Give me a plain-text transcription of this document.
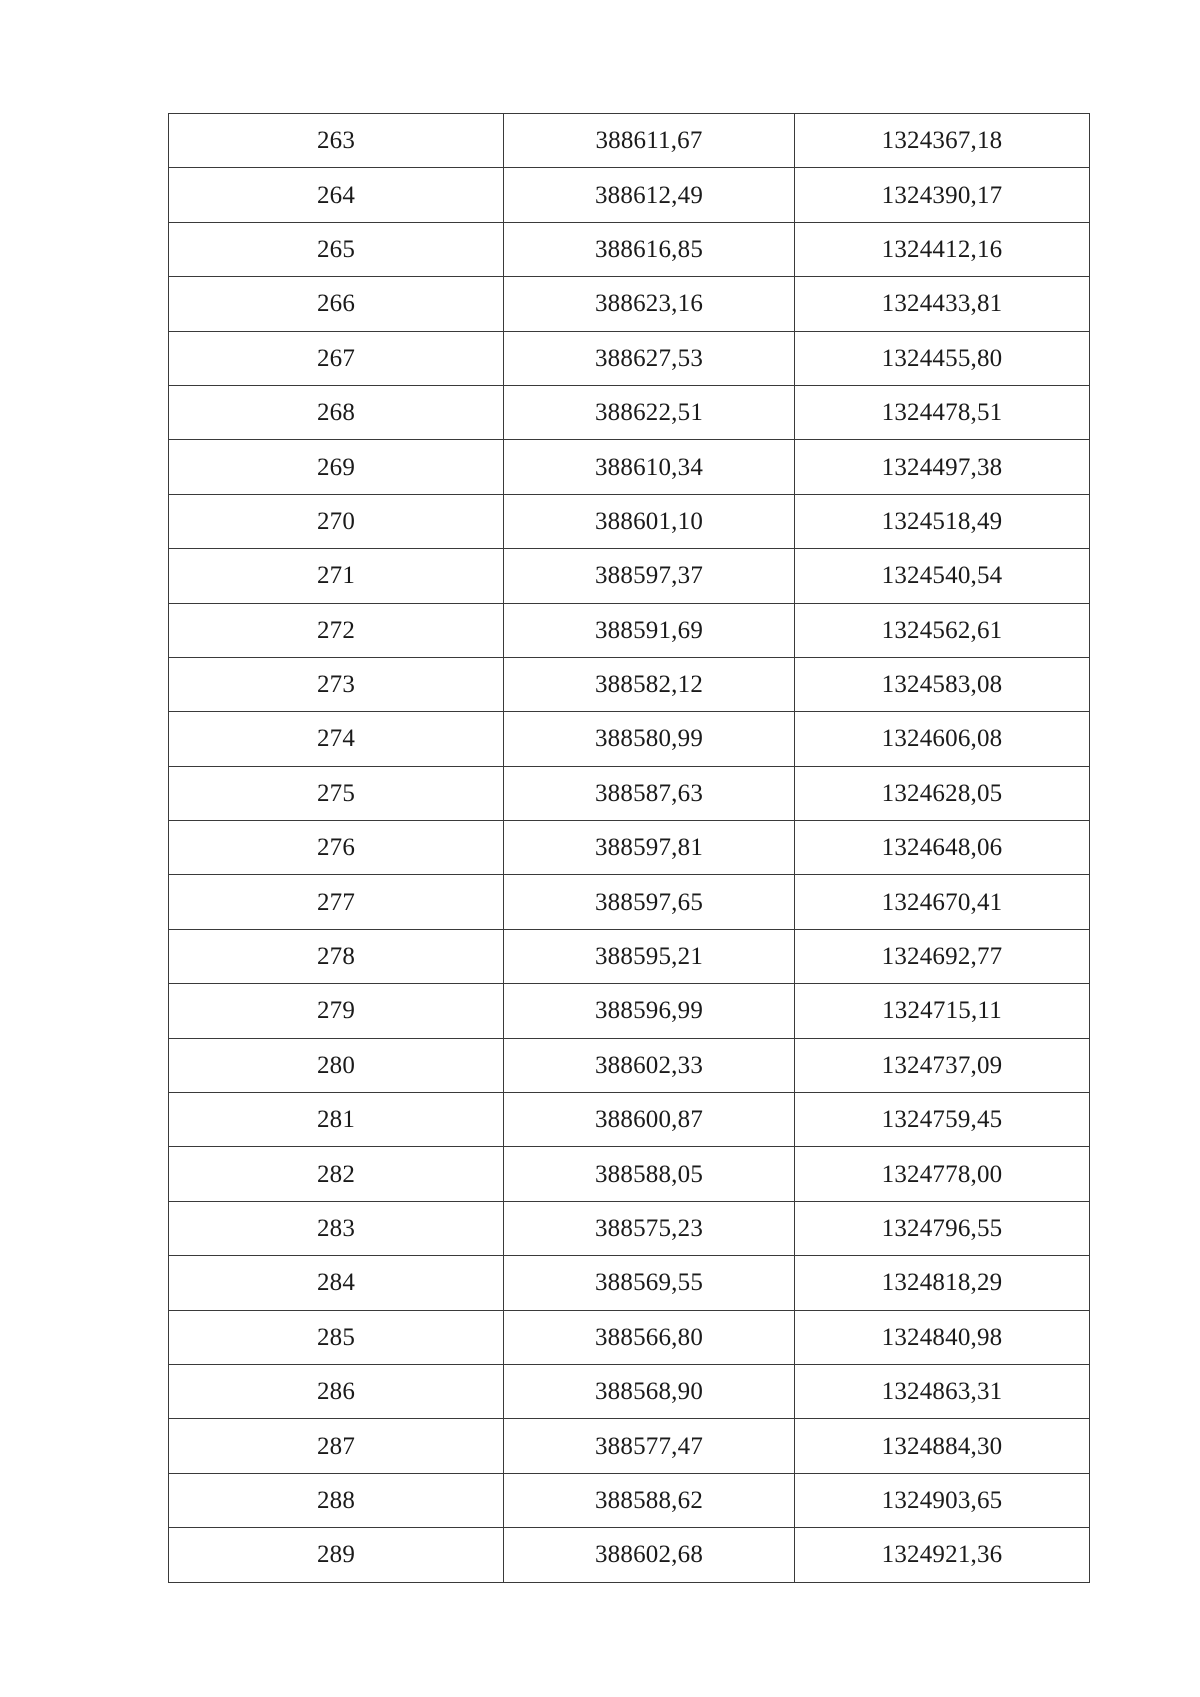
263	388611,67	1324367,18
264	388612,49	1324390,17
265	388616,85	1324412,16
266	388623,16	1324433,81
267	388627,53	1324455,80
268	388622,51	1324478,51
269	388610,34	1324497,38
270	388601,10	1324518,49
271	388597,37	1324540,54
272	388591,69	1324562,61
273	388582,12	1324583,08
274	388580,99	1324606,08
275	388587,63	1324628,05
276	388597,81	1324648,06
277	388597,65	1324670,41
278	388595,21	1324692,77
279	388596,99	1324715,11
280	388602,33	1324737,09
281	388600,87	1324759,45
282	388588,05	1324778,00
283	388575,23	1324796,55
284	388569,55	1324818,29
285	388566,80	1324840,98
286	388568,90	1324863,31
287	388577,47	1324884,30
288	388588,62	1324903,65
289	388602,68	1324921,36
